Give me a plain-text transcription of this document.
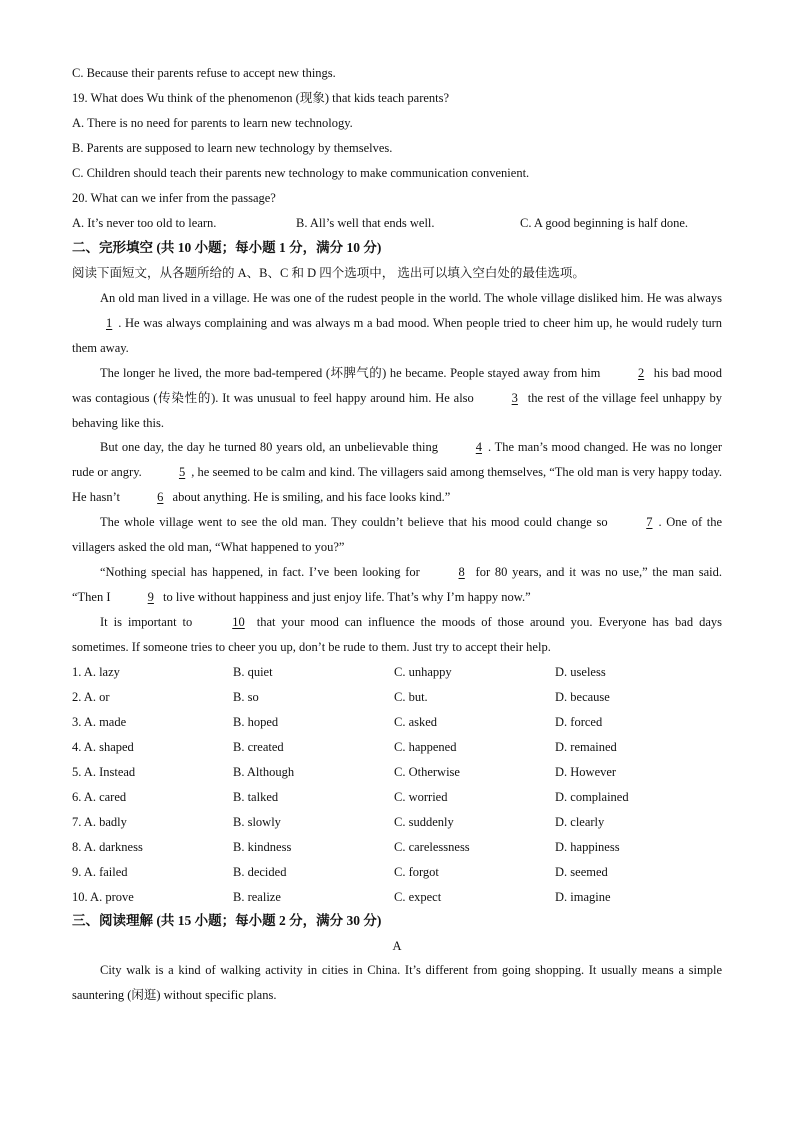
C. Because their parents refuse to accept new things.
19. What does Wu think of the phenomenon (现象) that kids teach parents?
A. There is no need for parents to learn new technology.
B. Parents are supposed to learn new technology by themselves.
C. Children should teach their parents new technology to make communication convenient.
20. What can we infer from the passage?
A. It’s never too old to learn.	B. All’s well that ends well.	C. A good beginning is half done.
二、完形填空 (共 10 小题；每小题 1 分，满分 10 分)
阅读下面短文，从各题所给的 A、B、C 和 D 四个选项中， 选出可以填入空白处的最佳选项。
An old man lived in a village. He was one of the rudest people in the world. The whole village disliked him. He was always 1 . He was always complaining and was always m a bad mood. When people tried to cheer him up, he would rudely turn them away.
The longer he lived, the more bad-tempered (坏脾气的) he became. People stayed away from him	2 his bad mood was contagious (传染性的). It was unusual to feel happy around him. He also	3 the rest of the village feel unhappy by behaving like this.
But one day, the day he turned 80 years old, an unbelievable thing	4 . The man’s mood changed. He was no longer rude or angry.	5 , he seemed to be calm and kind. The villagers said among themselves, “The old man is very happy today. He hasn’t	6 about anything. He is smiling, and his face looks kind.”
The whole village went to see the old man. They couldn’t believe that his mood could change so	7 . One of the villagers asked the old man, “What happened to you?”
“Nothing special has happened, in fact. I’ve been looking for	8 for 80 years, and it was no use,” the man said. “Then I	9 to live without happiness and just enjoy life. That’s why I’m happy now.”
It is important to	10 that your mood can influence the moods of those around you. Everyone has bad days sometimes. If someone tries to cheer you up, don’t be rude to them. Just try to accept their help.
1. A. lazy	B. quiet	C. unhappy	D. useless
2. A. or	B. so	C. but.	D. because
3. A. made	B. hoped	C. asked	D. forced
4. A. shaped	B. created	C. happened	D. remained
5. A. Instead	B. Although	C. Otherwise	D. However
6. A. cared	B. talked	C. worried	D. complained
7. A. badly	B. slowly	C. suddenly	D. clearly
8. A. darkness	B. kindness	C. carelessness	D. happiness
9. A. failed	B. decided	C. forgot	D. seemed
10. A. prove	B. realize	C. expect	D. imagine
三、阅读理解 (共 15 小题；每小题 2 分，满分 30 分)
A
City walk is a kind of walking activity in cities in China. It’s different from going shopping. It usually means a simple sauntering (闲逛) without specific plans.
